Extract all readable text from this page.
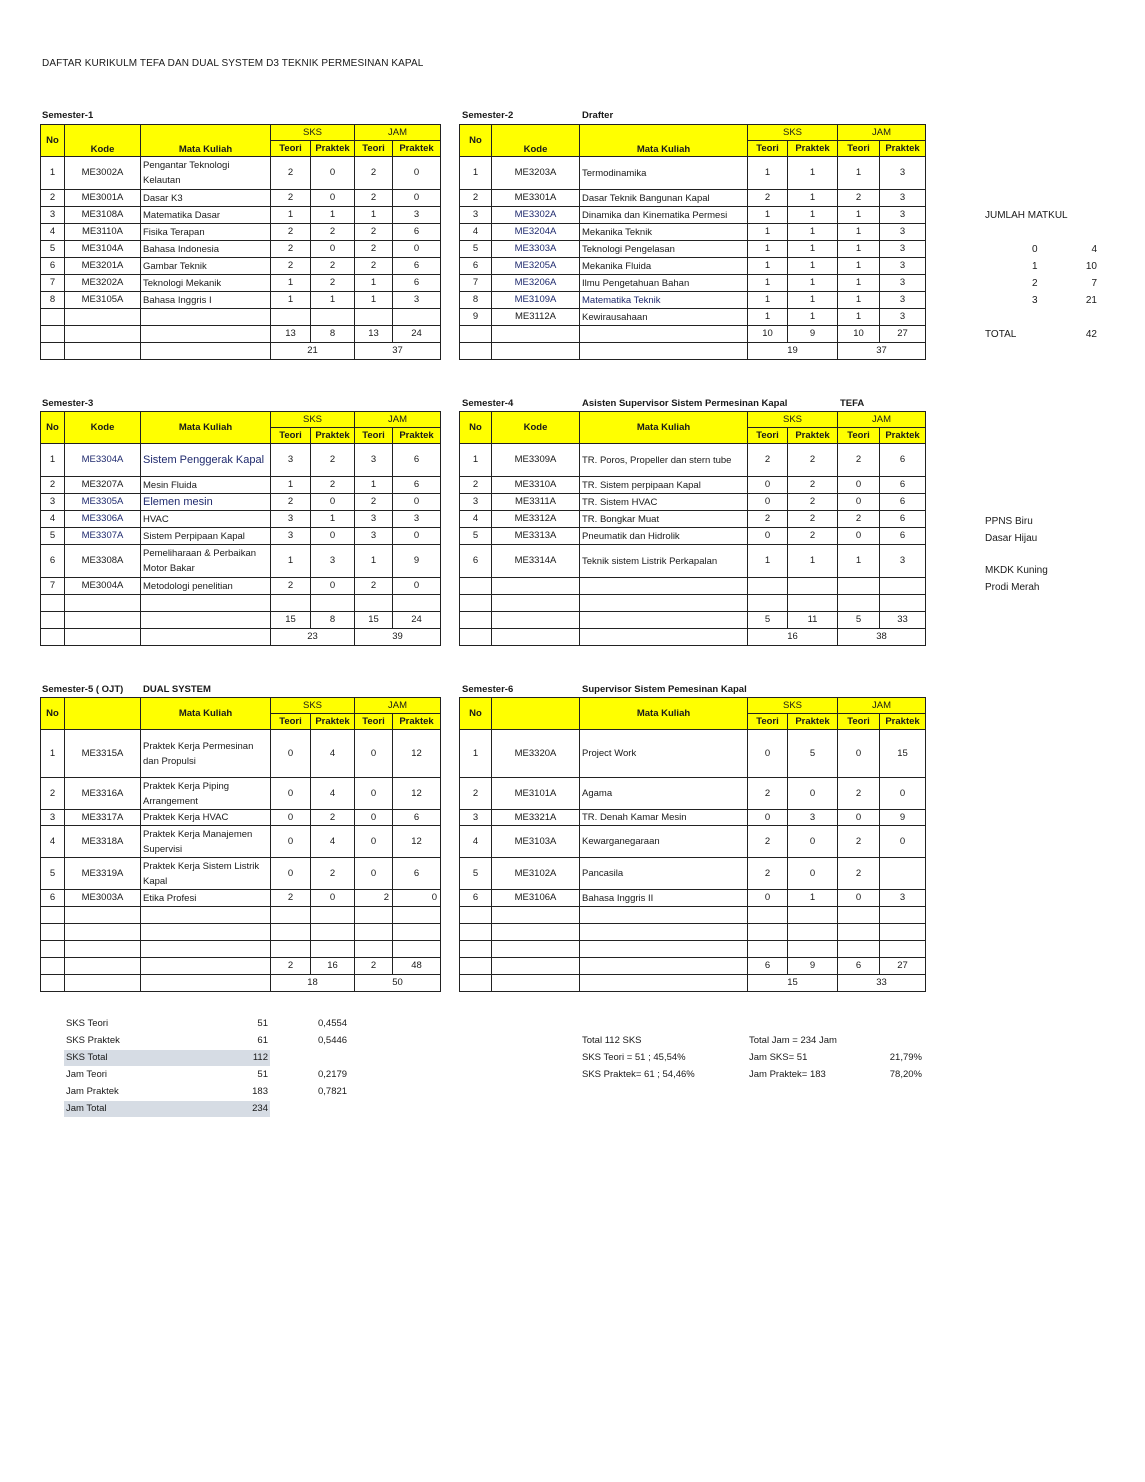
DAFTAR KURIKULM TEFA DAN DUAL SYSTEM D3 TEKNIK PERMESINAN KAPAL
Semester-1
No	Kode	Mata Kuliah	SKS		JAM	
			Teori	Praktek	Teori	Praktek
1	ME3002A	Pengantar Teknologi Kelautan	2	0	2	0
2	ME3001A	Dasar K3	2	0	2	0
3	ME3108A	Matematika Dasar	1	1	1	3
4	ME3110A	Fisika Terapan	2	2	2	6
5	ME3104A	Bahasa Indonesia	2	0	2	0
6	ME3201A	Gambar Teknik	2	2	2	6
7	ME3202A	Teknologi Mekanik	1	2	1	6
8	ME3105A	Bahasa Inggris I	1	1	1	3

			13	8	13	24
			21		37	
Semester-2	Drafter
No	Kode	Mata Kuliah	SKS		JAM	
			Teori	Praktek	Teori	Praktek
1	ME3203A	Termodinamika	1	1	1	3
2	ME3301A	Dasar Teknik Bangunan Kapal	2	1	2	3
3	ME3302A	Dinamika dan Kinematika Permesi	1	1	1	3
4	ME3204A	Mekanika Teknik	1	1	1	3
5	ME3303A	Teknologi Pengelasan	1	1	1	3
6	ME3205A	Mekanika Fluida	1	1	1	3
7	ME3206A	Ilmu Pengetahuan Bahan	1	1	1	3
8	ME3109A	Matematika Teknik	1	1	1	3
9	ME3112A	Kewirausahaan	1	1	1	3
			10	9	10	27
			19		37	
JUMLAH MATKUL
0	4
1	10
2	7
3	21
TOTAL	42
Semester-3
No	Kode	Mata Kuliah	SKS		JAM	
			Teori	Praktek	Teori	Praktek
1	ME3304A	Sistem Penggerak Kapal	3	2	3	6
2	ME3207A	Mesin Fluida	1	2	1	6
3	ME3305A	Elemen mesin	2	0	2	0
4	ME3306A	HVAC	3	1	3	3
5	ME3307A	Sistem Perpipaan Kapal	3	0	3	0
6	ME3308A	Pemeliharaan & Perbaikan Motor Bakar	1	3	1	9
7	ME3004A	Metodologi penelitian	2	0	2	0

			15	8	15	24
			23		39	
Semester-4	Asisten Supervisor Sistem Permesinan Kapal	TEFA
No	Kode	Mata Kuliah	SKS		JAM	
			Teori	Praktek	Teori	Praktek
1	ME3309A	TR. Poros, Propeller dan stern tube	2	2	2	6
2	ME3310A	TR. Sistem perpipaan Kapal	0	2	0	6
3	ME3311A	TR. Sistem HVAC	0	2	0	6
4	ME3312A	TR. Bongkar Muat	2	2	2	6
5	ME3313A	Pneumatik dan Hidrolik	0	2	0	6
6	ME3314A	Teknik sistem Listrik Perkapalan	1	1	1	3

			5	11	5	33
			16		38	
PPNS Biru
Dasar Hijau
MKDK Kuning
Prodi Merah
Semester-5 ( OJT) DUAL SYSTEM
No		Mata Kuliah	SKS		JAM	
			Teori	Praktek	Teori	Praktek
1	ME3315A	Praktek Kerja Permesinan dan Propulsi	0	4	0	12
2	ME3316A	Praktek Kerja Piping Arrangement	0	4	0	12
3	ME3317A	Praktek Kerja HVAC	0	2	0	6
4	ME3318A	Praktek Kerja Manajemen Supervisi	0	4	0	12
5	ME3319A	Praktek Kerja Sistem Listrik Kapal	0	2	0	6
6	ME3003A	Etika Profesi	2	0	2	0

			2	16	2	48
			18		50	
Semester-6	Supervisor Sistem Pemesinan Kapal
No		Mata Kuliah	SKS		JAM	
			Teori	Praktek	Teori	Praktek
1	ME3320A	Project Work	0	5	0	15
2	ME3101A	Agama	2	0	2	0
3	ME3321A	TR. Denah Kamar Mesin	0	3	0	9
4	ME3103A	Kewarganegaraan	2	0	2	0
5	ME3102A	Pancasila	2	0	2	
6	ME3106A	Bahasa Inggris II	0	1	0	3

			6	9	6	27
			15		33	
SKS Teori	51	0,4554
SKS Praktek	61	0,5446
SKS Total	112
Jam Teori	51	0,2179
Jam Praktek	183	0,7821
Jam Total	234
Total 112 SKS
SKS Teori = 51 ; 45,54%
SKS Praktek= 61 ; 54,46%
Total Jam = 234 Jam
Jam SKS= 51	21,79%
Jam Praktek= 183	78,20%
